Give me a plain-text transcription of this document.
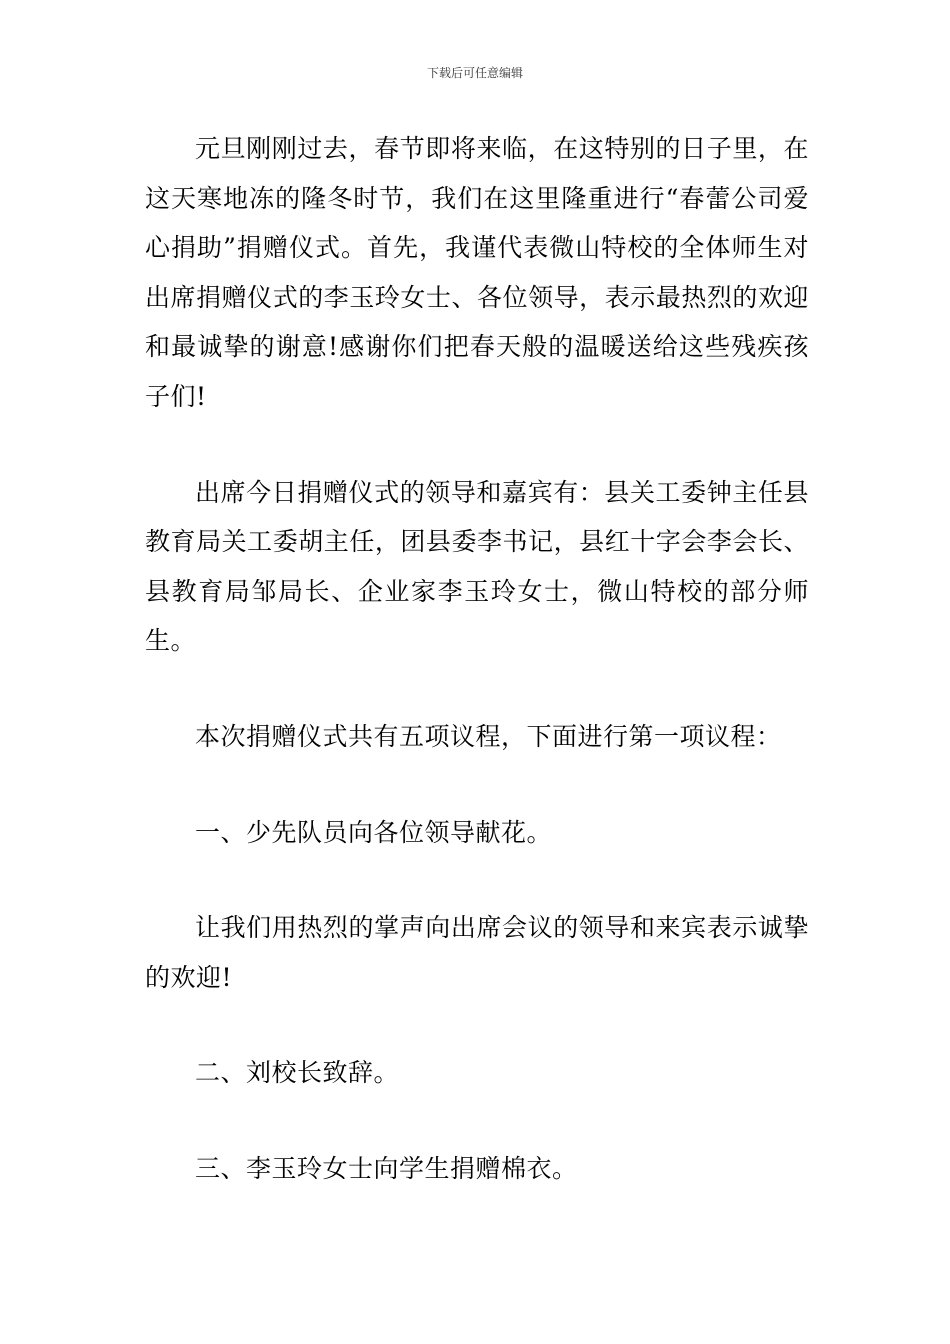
下载后可任意编辑

元旦刚刚过去，春节即将来临，在这特别的日子里，在这天寒地冻的隆冬时节，我们在这里隆重进行“春蕾公司爱心捐助”捐赠仪式。首先，我谨代表微山特校的全体师生对出席捐赠仪式的李玉玲女士、各位领导，表示最热烈的欢迎和最诚挚的谢意!感谢你们把春天般的温暖送给这些残疾孩子们!

出席今日捐赠仪式的领导和嘉宾有：县关工委钟主任县教育局关工委胡主任，团县委李书记，县红十字会李会长、县教育局邹局长、企业家李玉玲女士，微山特校的部分师生。

本次捐赠仪式共有五项议程，下面进行第一项议程：

一、少先队员向各位领导献花。

让我们用热烈的掌声向出席会议的领导和来宾表示诚挚的欢迎!

二、刘校长致辞。

三、李玉玲女士向学生捐赠棉衣。
